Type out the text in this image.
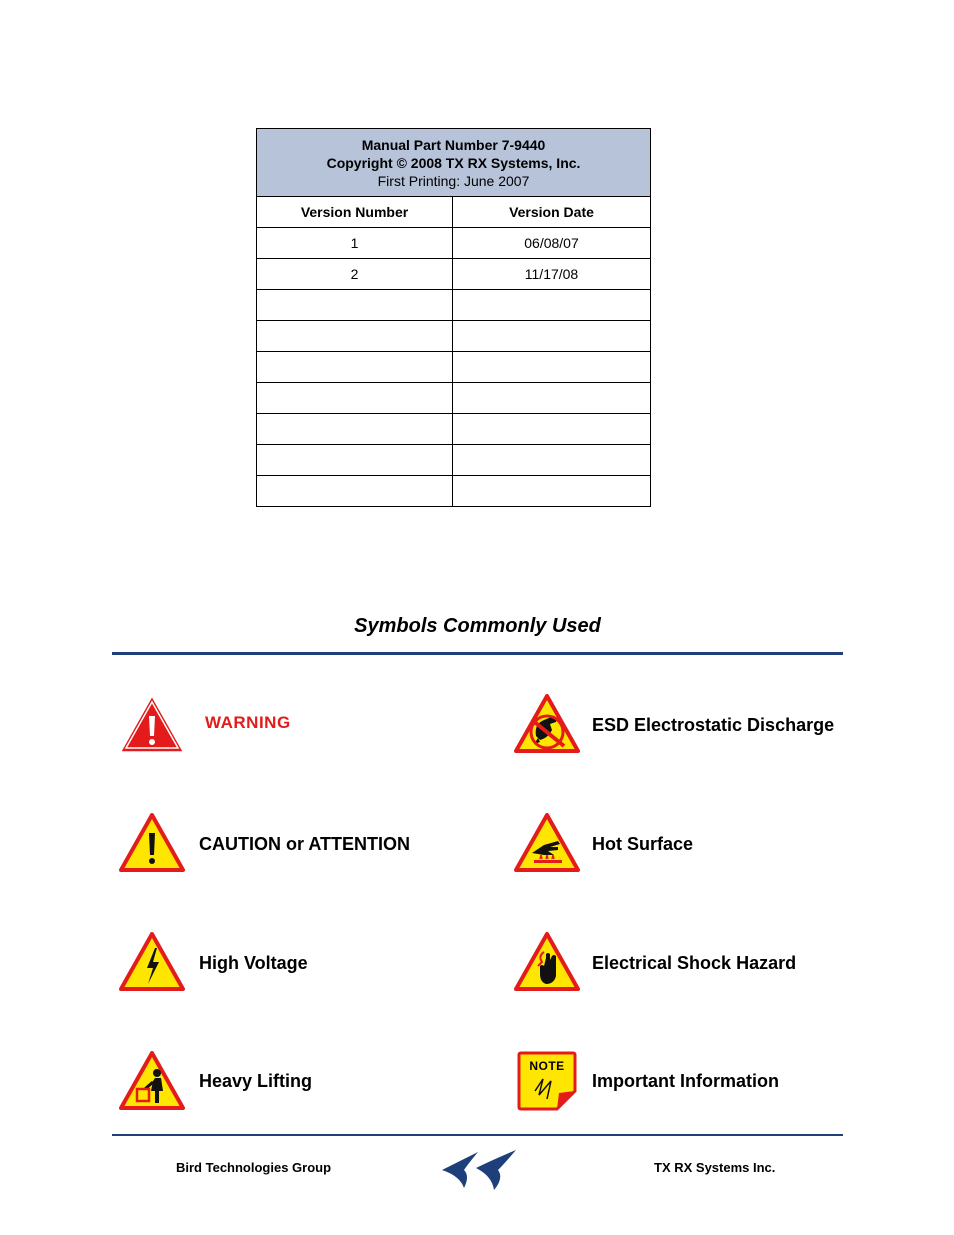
Manual Part Number 7-9440
Copyright © 2008 TX RX Systems, Inc.
First Printing: June 2007	

Version Number	Version Date
1	06/08/07
2	11/17/08

Symbols Commonly Used
WARNING	ESD Electrostatic Discharge
CAUTION or ATTENTION	Hot Surface
High Voltage	Electrical Shock Hazard
Heavy Lifting
NOTE
Important Information
Bird Technologies Group	TX RX Systems Inc.
